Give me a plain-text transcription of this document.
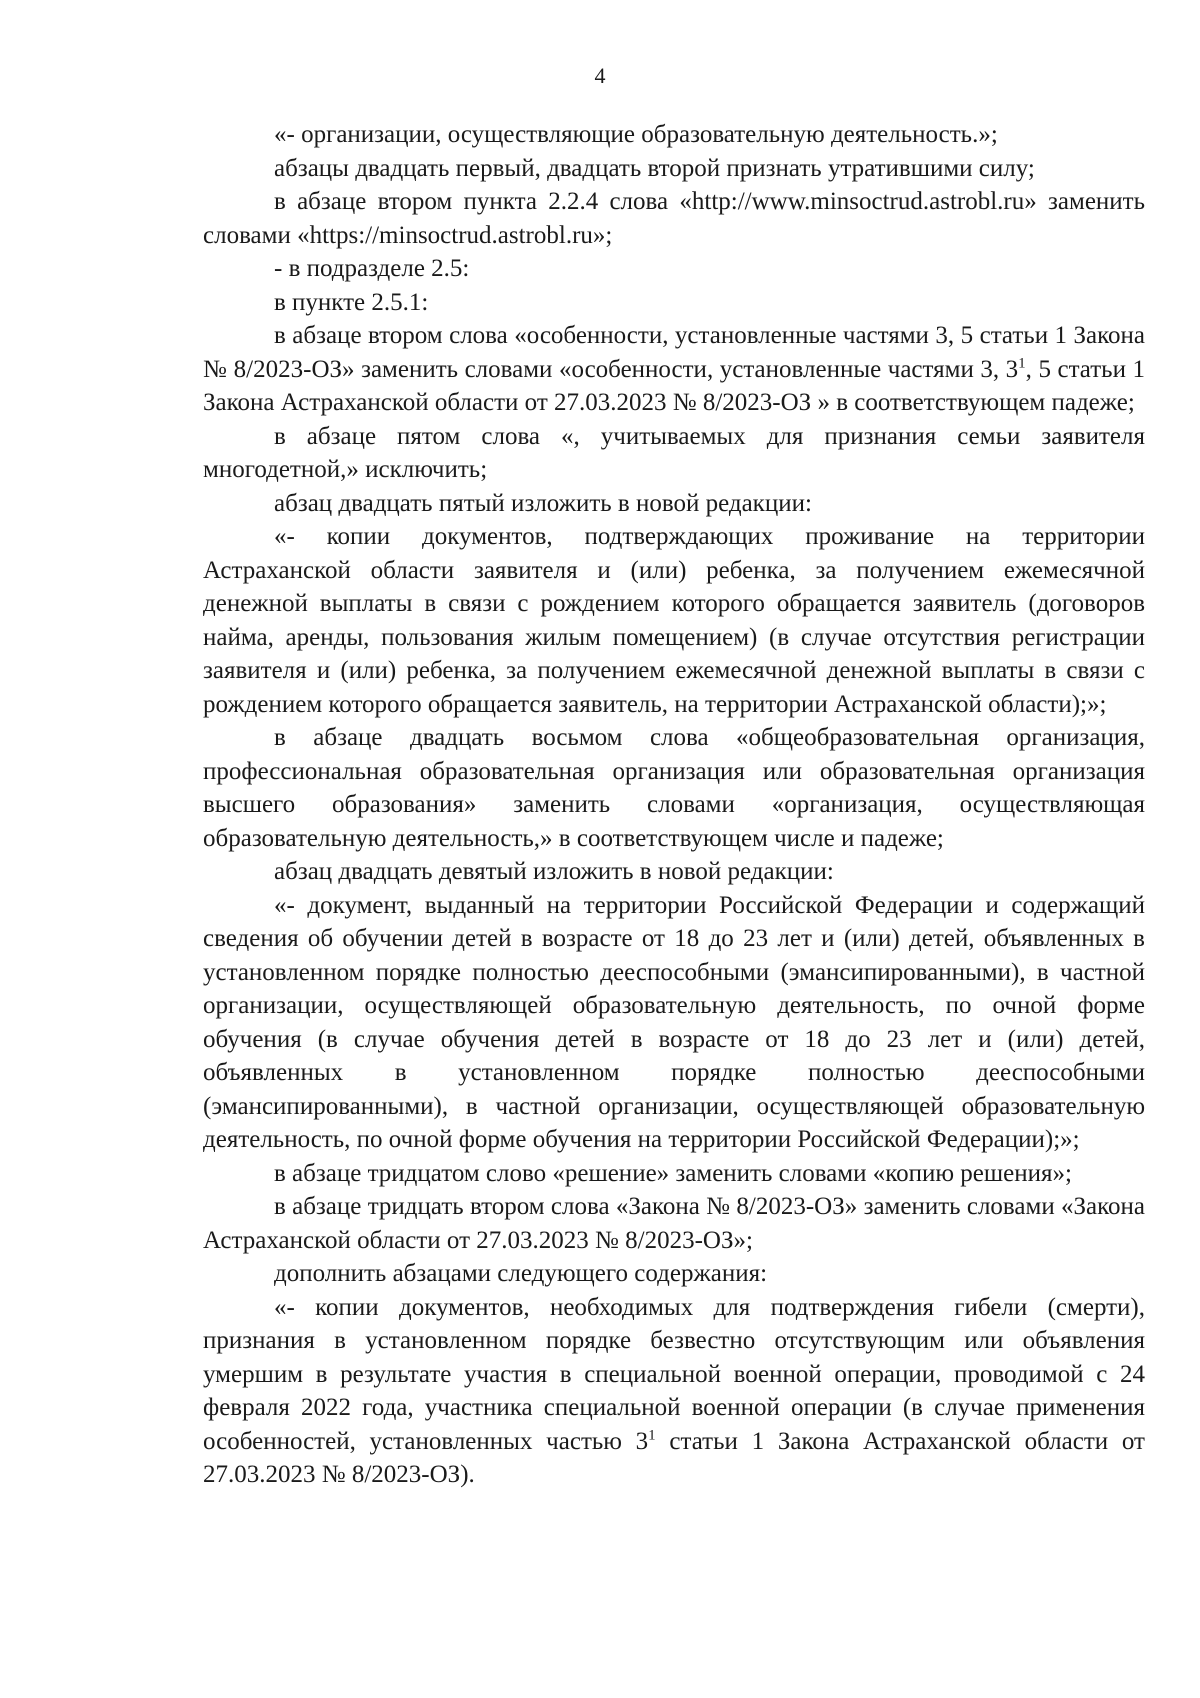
4

«- организации, осуществляющие образовательную деятельность.»;

абзацы двадцать первый, двадцать второй признать утратившими силу;

в абзаце втором пункта 2.2.4 слова «http://www.minsoctrud.astrobl.ru» заменить словами «https://minsoctrud.astrobl.ru»;

- в подразделе 2.5:

в пункте 2.5.1:

в абзаце втором слова «особенности, установленные частями 3, 5 статьи 1 Закона № 8/2023-ОЗ» заменить словами «особенности, установленные частями 3, $3^1$, 5 статьи 1 Закона Астраханской области от 27.03.2023 № 8/2023-ОЗ » в соответствующем падеже;

в абзаце пятом слова «, учитываемых для признания семьи заявителя многодетной,» исключить;

абзац двадцать пятый изложить в новой редакции:

«- копии документов, подтверждающих проживание на территории Астраханской области заявителя и (или) ребенка, за получением ежемесячной денежной выплаты в связи с рождением которого обращается заявитель (договоров найма, аренды, пользования жилым помещением) (в случае отсутствия регистрации заявителя и (или) ребенка, за получением ежемесячной денежной выплаты в связи с рождением которого обращается заявитель, на территории Астраханской области);»;

в абзаце двадцать восьмом слова «общеобразовательная организация, профессиональная образовательная организация или образовательная организация высшего образования» заменить словами «организация, осуществляющая образовательную деятельность,» в соответствующем числе и падеже;

абзац двадцать девятый изложить в новой редакции:

«- документ, выданный на территории Российской Федерации и содержащий сведения об обучении детей в возрасте от 18 до 23 лет и (или) детей, объявленных в установленном порядке полностью дееспособными (эмансипированными), в частной организации, осуществляющей образовательную деятельность, по очной форме обучения (в случае обучения детей в возрасте от 18 до 23 лет и (или) детей, объявленных в установленном порядке полностью дееспособными (эмансипированными), в частной организации, осуществляющей образовательную деятельность, по очной форме обучения на территории Российской Федерации);»;

в абзаце тридцатом слово «решение» заменить словами «копию решения»;

в абзаце тридцать втором слова «Закона № 8/2023-ОЗ» заменить словами «Закона Астраханской области от 27.03.2023 № 8/2023-ОЗ»;

дополнить абзацами следующего содержания:

«- копии документов, необходимых для подтверждения гибели (смерти), признания в установленном порядке безвестно отсутствующим или объявления умершим в результате участия в специальной военной операции, проводимой с 24 февраля 2022 года, участника специальной военной операции (в случае применения особенностей, установленных частью $3^1$ статьи 1 Закона Астраханской области от 27.03.2023 № 8/2023-ОЗ).
